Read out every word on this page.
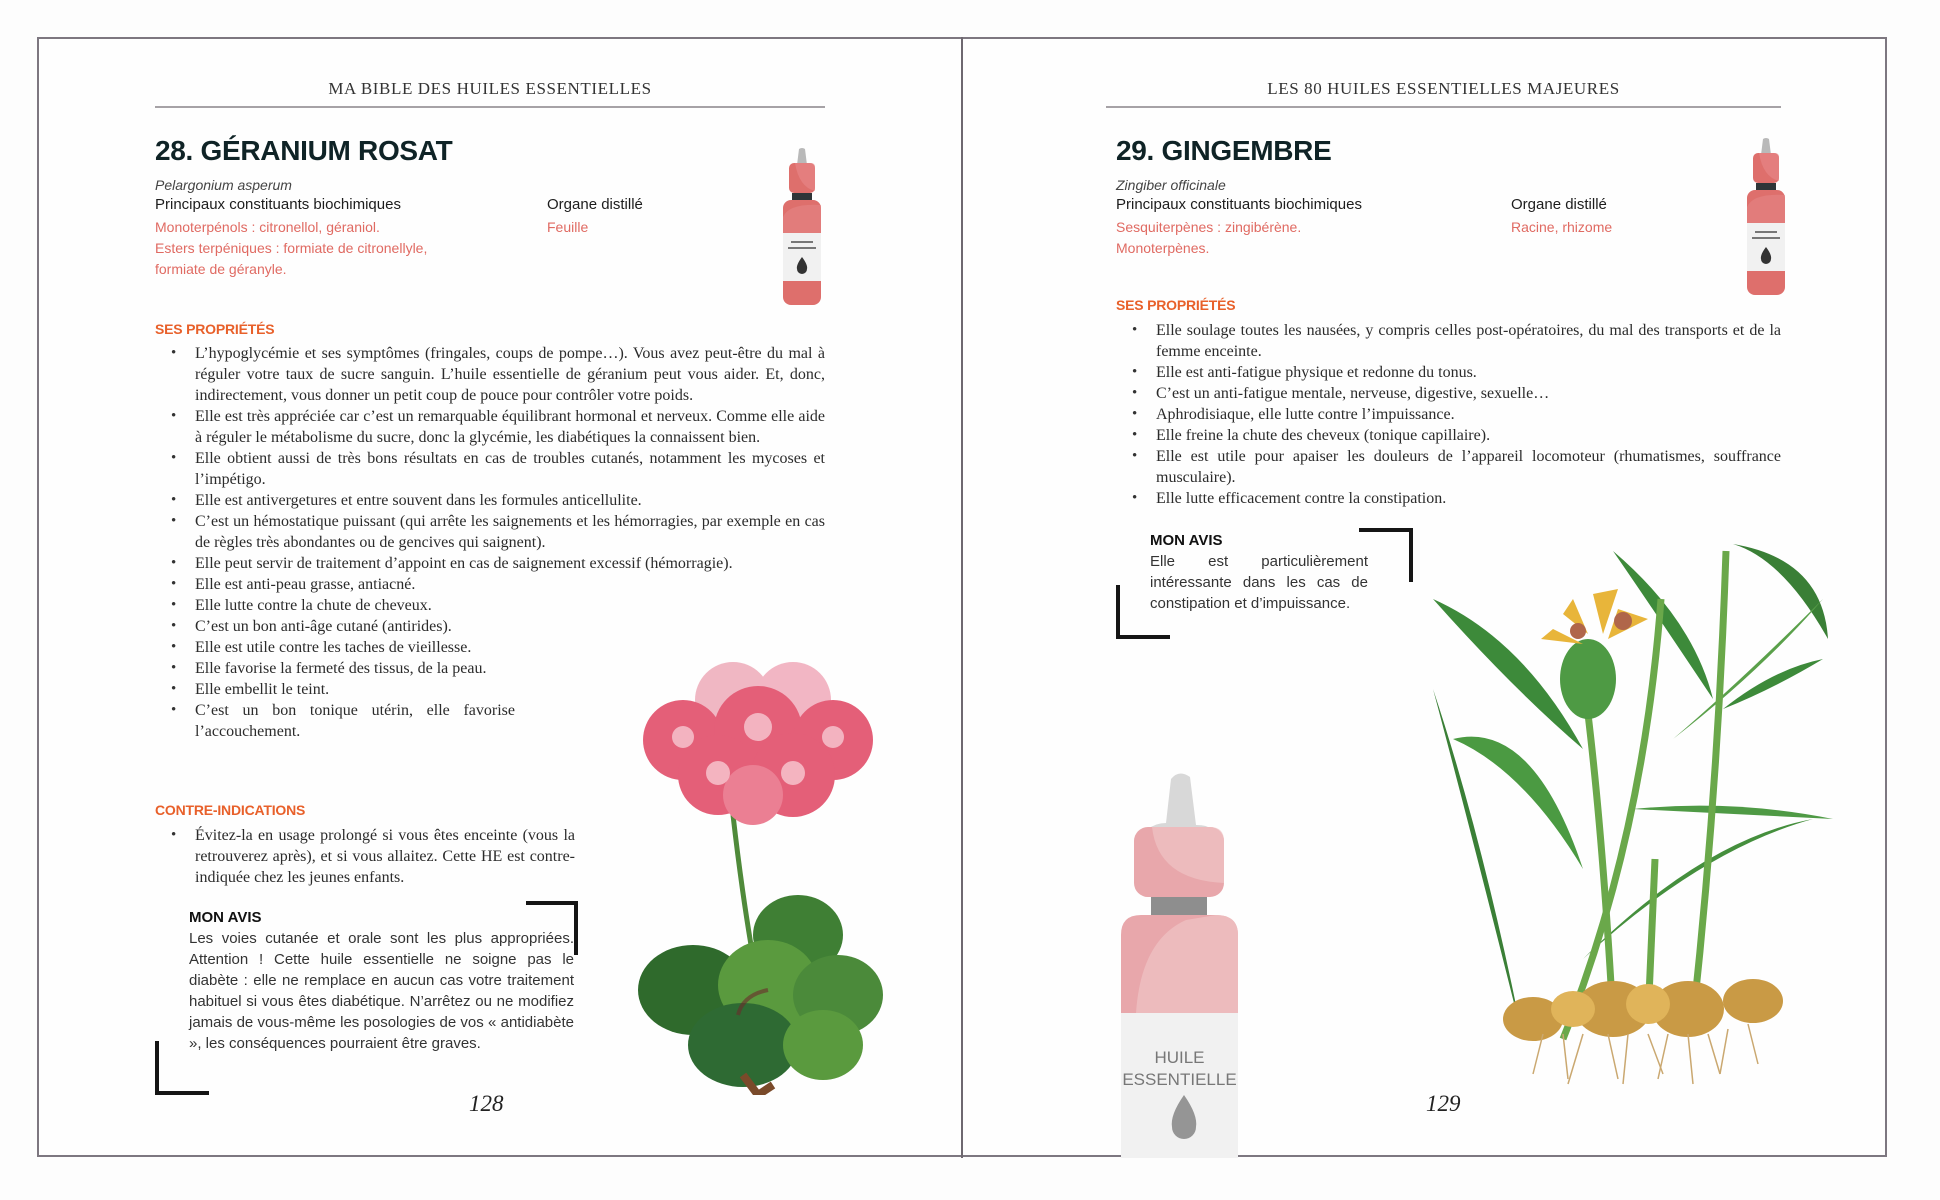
MA BIBLE DES HUILES ESSENTIELLES
28. GÉRANIUM ROSAT
Pelargonium asperum
Principaux constituants biochimiques
Monoterpénols : citronellol, géraniol.
Esters terpéniques : formiate de citronellyle,
formiate de géranyle.
Organe distillé
Feuille
SES PROPRIÉTÉS
• L’hypoglycémie et ses symptômes (fringales, coups de pompe…). Vous avez peut-être du mal à réguler votre taux de sucre sanguin. L’huile essentielle de géranium peut vous aider. Et, donc, indirectement, vous donner un petit coup de pouce pour contrôler votre poids.
• Elle est très appréciée car c’est un remarquable équilibrant hormonal et nerveux. Comme elle aide à réguler le métabolisme du sucre, donc la glycémie, les diabétiques la connaissent bien.
• Elle obtient aussi de très bons résultats en cas de troubles cutanés, notamment les mycoses et l’impétigo.
• Elle est antivergetures et entre souvent dans les formules anticellulite.
• C’est un hémostatique puissant (qui arrête les saignements et les hémorragies, par exemple en cas de règles très abondantes ou de gencives qui saignent).
• Elle peut servir de traitement d’appoint en cas de saignement excessif (hémorragie).
• Elle est anti-peau grasse, antiacné.
• Elle lutte contre la chute de cheveux.
• C’est un bon anti-âge cutané (antirides).
• Elle est utile contre les taches de vieillesse.
• Elle favorise la fermeté des tissus, de la peau.
• Elle embellit le teint.
• C’est un bon tonique utérin, elle favorise l’accouchement.
CONTRE-INDICATIONS
• Évitez-la en usage prolongé si vous êtes enceinte (vous la retrouverez après), et si vous allaitez. Cette HE est contre-indiquée chez les jeunes enfants.
MON AVIS
Les voies cutanée et orale sont les plus appropriées. Attention ! Cette huile essentielle ne soigne pas le diabète : elle ne remplace en aucun cas votre traitement habituel si vous êtes diabétique. N’arrêtez ou ne modifiez jamais de vous-même les posologies de vos « antidiabète », les conséquences pourraient être graves.
128
LES 80 HUILES ESSENTIELLES MAJEURES
29. GINGEMBRE
Zingiber officinale
Principaux constituants biochimiques
Sesquiterpènes : zingibérène.
Monoterpènes.
Organe distillé
Racine, rhizome
SES PROPRIÉTÉS
• Elle soulage toutes les nausées, y compris celles post-opératoires, du mal des transports et de la femme enceinte.
• Elle est anti-fatigue physique et redonne du tonus.
• C’est un anti-fatigue mentale, nerveuse, digestive, sexuelle…
• Aphrodisiaque, elle lutte contre l’impuissance.
• Elle freine la chute des cheveux (tonique capillaire).
• Elle est utile pour apaiser les douleurs de l’appareil locomoteur (rhumatismes, souffrance musculaire).
• Elle lutte efficacement contre la constipation.
MON AVIS
Elle est particulièrement intéressante dans les cas de constipation et d’impuissance.
HUILE
ESSENTIELLE
129
